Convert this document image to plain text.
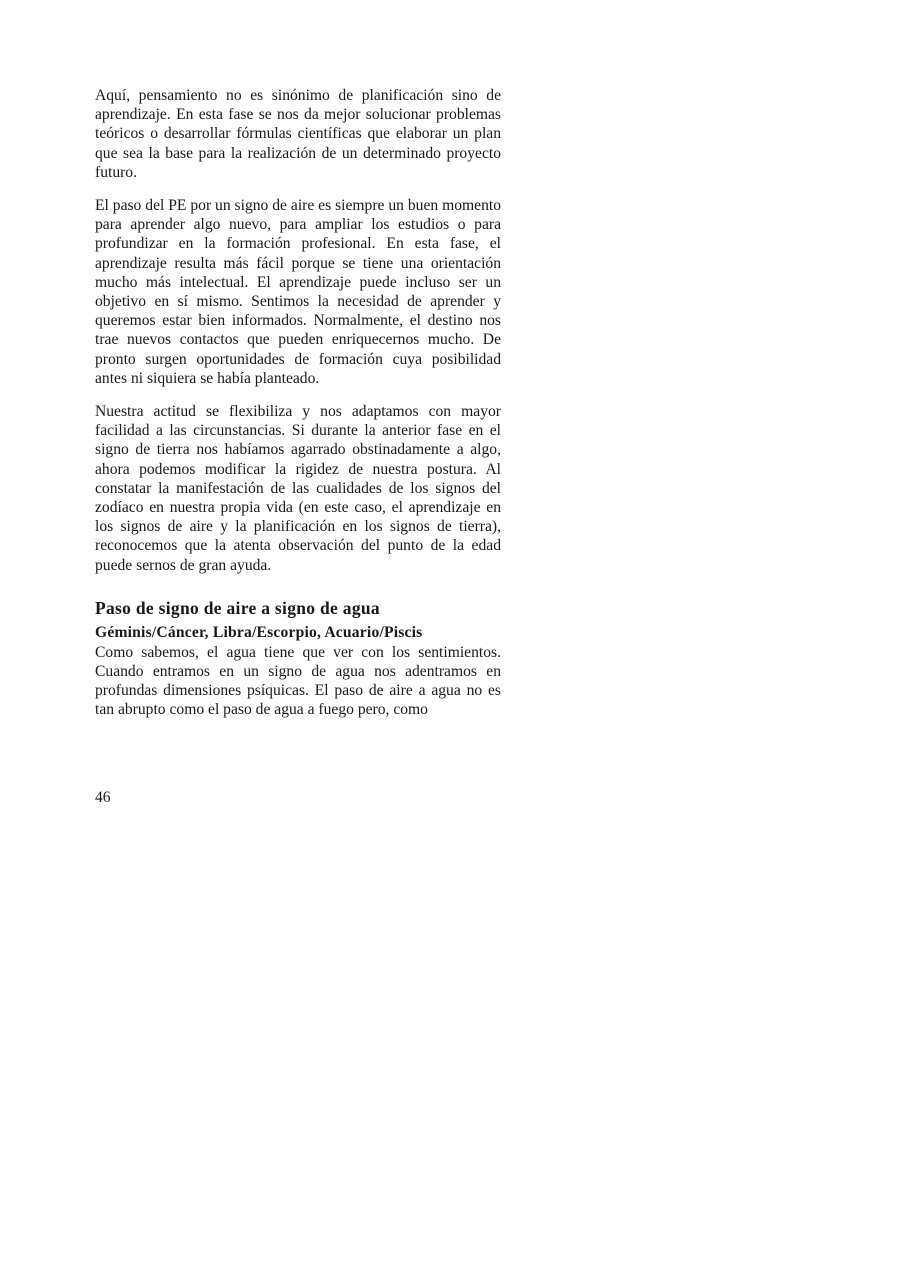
Aquí, pensamiento no es sinónimo de planificación sino de aprendizaje. En esta fase se nos da mejor solucionar problemas teóricos o desarrollar fórmulas científicas que elaborar un plan que sea la base para la realización de un determinado proyecto futuro.

El paso del PE por un signo de aire es siempre un buen momento para aprender algo nuevo, para ampliar los estudios o para profundizar en la formación profesional. En esta fase, el aprendizaje resulta más fácil porque se tiene una orientación mucho más intelectual. El aprendizaje puede incluso ser un objetivo en sí mismo. Sentimos la necesidad de aprender y queremos estar bien informados. Normalmente, el destino nos trae nuevos contactos que pueden enriquecernos mucho. De pronto surgen oportunidades de formación cuya posibilidad antes ni siquiera se había planteado.

Nuestra actitud se flexibiliza y nos adaptamos con mayor facilidad a las circunstancias. Si durante la anterior fase en el signo de tierra nos habíamos agarrado obstinadamente a algo, ahora podemos modificar la rigidez de nuestra postura. Al constatar la manifestación de las cualidades de los signos del zodíaco en nuestra propia vida (en este caso, el aprendizaje en los signos de aire y la planificación en los signos de tierra), reconocemos que la atenta observación del punto de la edad puede sernos de gran ayuda.

Paso de signo de aire a signo de agua
Géminis/Cáncer, Libra/Escorpio, Acuario/Piscis

Como sabemos, el agua tiene que ver con los sentimientos. Cuando entramos en un signo de agua nos adentramos en profundas dimensiones psíquicas. El paso de aire a agua no es tan abrupto como el paso de agua a fuego pero, como

46
